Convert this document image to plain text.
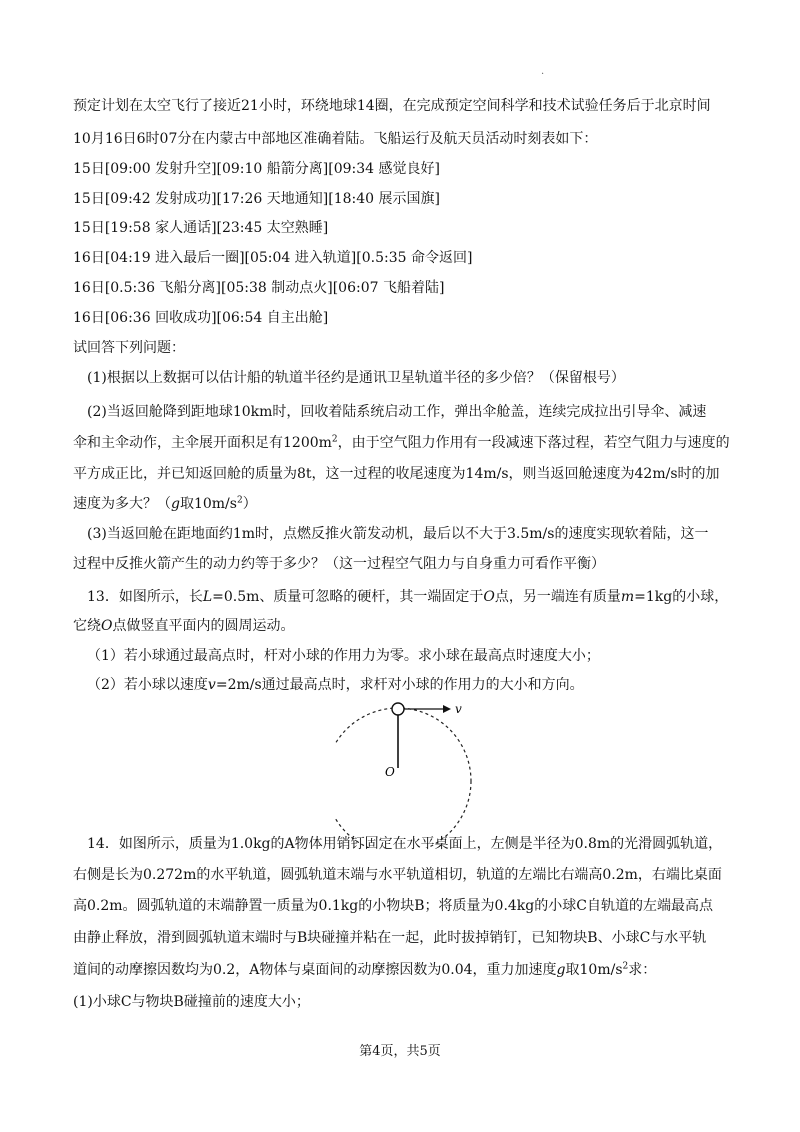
.
预定计划在太空飞行了接近21小时，环绕地球14圈，在完成预定空间科学和技术试验任务后于北京时间
10月16日6时07分在内蒙古中部地区准确着陆。飞船运行及航天员活动时刻表如下：
15日[09:00 发射升空][09:10 船箭分离][09:34 感觉良好]
15日[09:42 发射成功][17:26 天地通知][18:40 展示国旗]
15日[19:58 家人通话][23:45 太空熟睡]
16日[04:19 进入最后一圈][05:04 进入轨道][0.5:35 命令返回]
16日[0.5:36 飞船分离][05:38 制动点火][06:07 飞船着陆]
16日[06:36 回收成功][06:54 自主出舱]
试回答下列问题：
(1)根据以上数据可以估计船的轨道半径约是通讯卫星轨道半径的多少倍？（保留根号）
(2)当返回舱降到距地球10km时，回收着陆系统启动工作，弹出伞舱盖，连续完成拉出引导伞、减速
伞和主伞动作，主伞展开面积足有$1200m^2$，由于空气阻力作用有一段减速下落过程，若空气阻力与速度的
平方成正比，并已知返回舱的质量为8t，这一过程的收尾速度为14m/s，则当返回舱速度为42m/s时的加
速度为多大？（g取$10m/s^2$）
(3)当返回舱在距地面约1m时，点燃反推火箭发动机，最后以不大于3.5m/s的速度实现软着陆，这一
过程中反推火箭产生的动力约等于多少？（这一过程空气阻力与自身重力可看作平衡）
13．如图所示，长L=0.5m、质量可忽略的硬杆，其一端固定于O点，另一端连有质量m=1kg的小球，
它绕O点做竖直平面内的圆周运动。
（1）若小球通过最高点时，杆对小球的作用力为零。求小球在最高点时速度大小；
（2）若小球以速度v=2m/s通过最高点时，求杆对小球的作用力的大小和方向。
v
O
14．如图所示，质量为1.0kg的A物体用销钉固定在水平桌面上，左侧是半径为0.8m的光滑圆弧轨道，
右侧是长为0.272m的水平轨道，圆弧轨道末端与水平轨道相切，轨道的左端比右端高0.2m，右端比桌面
高0.2m。圆弧轨道的末端静置一质量为0.1kg的小物块B；将质量为0.4kg的小球C自轨道的左端最高点
由静止释放，滑到圆弧轨道末端时与B块碰撞并粘在一起，此时拔掉销钉，已知物块B、小球C与水平轨
道间的动摩擦因数均为0.2，A物体与桌面间的动摩擦因数为0.04，重力加速度g取$10m/s^2$求：
(1)小球C与物块B碰撞前的速度大小；
第4页，共5页
